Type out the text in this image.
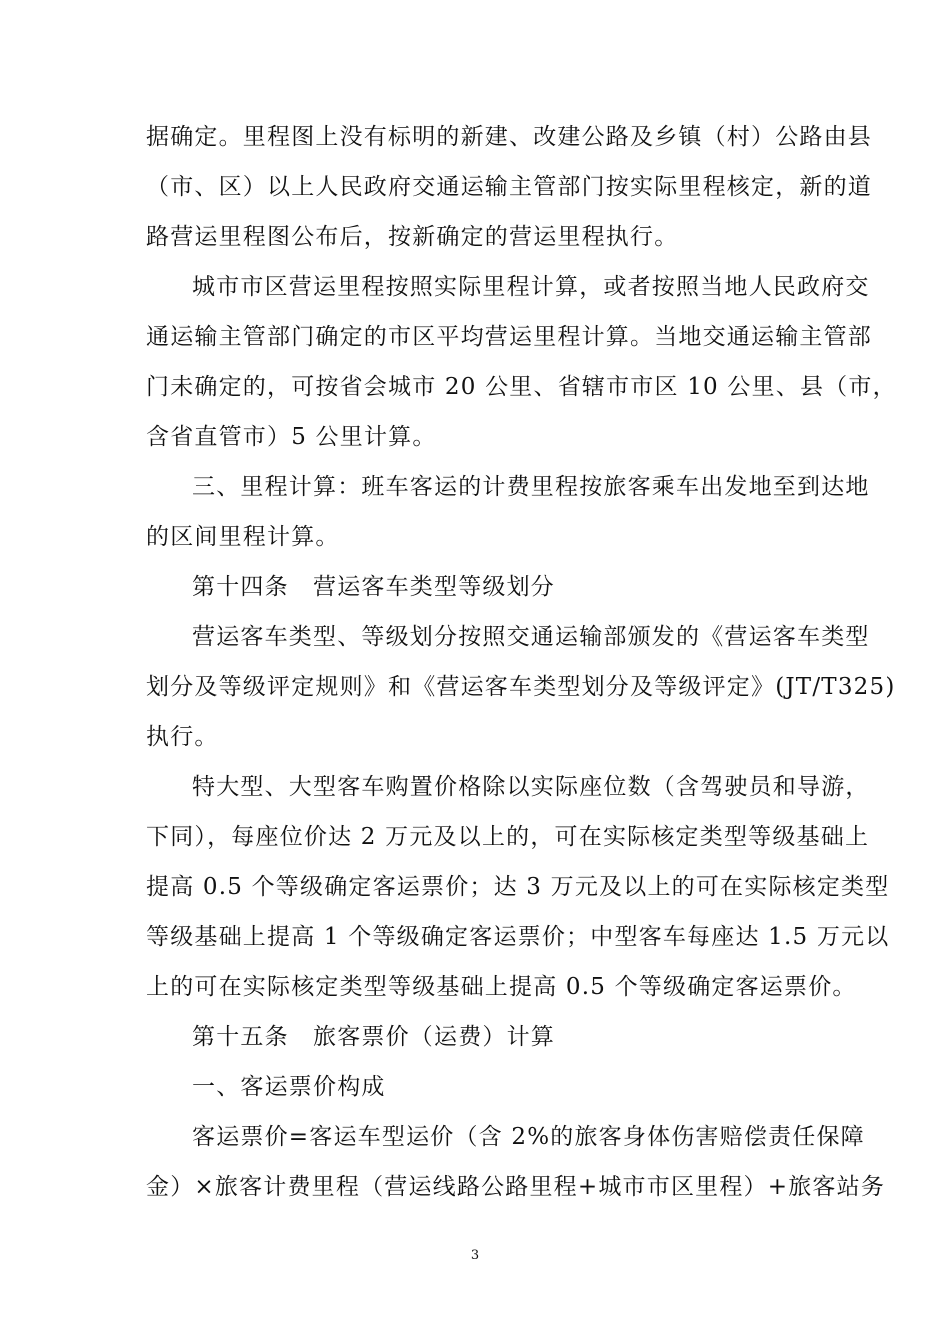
据确定。里程图上没有标明的新建、改建公路及乡镇（村）公路由县
（市、区）以上人民政府交通运输主管部门按实际里程核定，新的道
路营运里程图公布后，按新确定的营运里程执行。
城市市区营运里程按照实际里程计算，或者按照当地人民政府交
通运输主管部门确定的市区平均营运里程计算。当地交通运输主管部
门未确定的，可按省会城市 20 公里、省辖市市区 10 公里、县（市，
含省直管市）5 公里计算。
三、里程计算：班车客运的计费里程按旅客乘车出发地至到达地
的区间里程计算。
第十四条　营运客车类型等级划分
营运客车类型、等级划分按照交通运输部颁发的《营运客车类型
划分及等级评定规则》和《营运客车类型划分及等级评定》(JT/T325)
执行。
特大型、大型客车购置价格除以实际座位数（含驾驶员和导游，
下同），每座位价达 2 万元及以上的，可在实际核定类型等级基础上
提高 0.5 个等级确定客运票价；达 3 万元及以上的可在实际核定类型
等级基础上提高 1 个等级确定客运票价；中型客车每座达 1.5 万元以
上的可在实际核定类型等级基础上提高 0.5 个等级确定客运票价。
第十五条　旅客票价（运费）计算
一、客运票价构成
客运票价=客运车型运价（含 2%的旅客身体伤害赔偿责任保障
金）×旅客计费里程（营运线路公路里程+城市市区里程）+旅客站务
3
